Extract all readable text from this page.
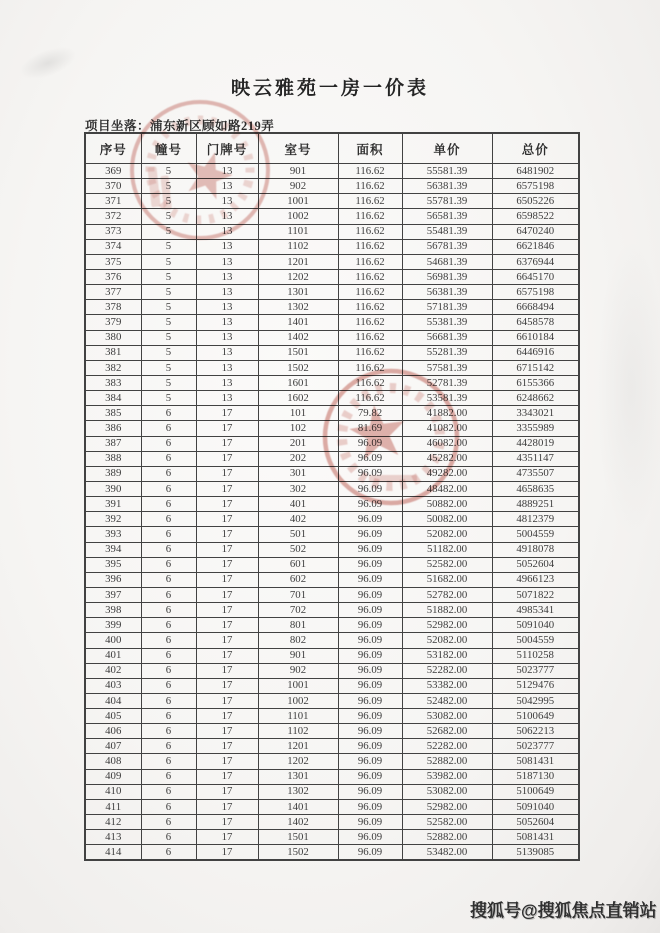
映云雅苑一房一价表
项目坐落：浦东新区顾如路219弄
序号	幢号	门牌号	室号	面积	单价	总价
369	5	13	901	116.62	55581.39	6481902
370	5	13	902	116.62	56381.39	6575198
371	5	13	1001	116.62	55781.39	6505226
372	5	13	1002	116.62	56581.39	6598522
373	5	13	1101	116.62	55481.39	6470240
374	5	13	1102	116.62	56781.39	6621846
375	5	13	1201	116.62	54681.39	6376944
376	5	13	1202	116.62	56981.39	6645170
377	5	13	1301	116.62	56381.39	6575198
378	5	13	1302	116.62	57181.39	6668494
379	5	13	1401	116.62	55381.39	6458578
380	5	13	1402	116.62	56681.39	6610184
381	5	13	1501	116.62	55281.39	6446916
382	5	13	1502	116.62	57581.39	6715142
383	5	13	1601	116.62	52781.39	6155366
384	5	13	1602	116.62	53581.39	6248662
385	6	17	101	79.82	41882.00	3343021
386	6	17	102	81.69	41082.00	3355989
387	6	17	201	96.09	46082.00	4428019
388	6	17	202	96.09	45282.00	4351147
389	6	17	301	96.09	49282.00	4735507
390	6	17	302	96.09	48482.00	4658635
391	6	17	401	96.09	50882.00	4889251
392	6	17	402	96.09	50082.00	4812379
393	6	17	501	96.09	52082.00	5004559
394	6	17	502	96.09	51182.00	4918078
395	6	17	601	96.09	52582.00	5052604
396	6	17	602	96.09	51682.00	4966123
397	6	17	701	96.09	52782.00	5071822
398	6	17	702	96.09	51882.00	4985341
399	6	17	801	96.09	52982.00	5091040
400	6	17	802	96.09	52082.00	5004559
401	6	17	901	96.09	53182.00	5110258
402	6	17	902	96.09	52282.00	5023777
403	6	17	1001	96.09	53382.00	5129476
404	6	17	1002	96.09	52482.00	5042995
405	6	17	1101	96.09	53082.00	5100649
406	6	17	1102	96.09	52682.00	5062213
407	6	17	1201	96.09	52282.00	5023777
408	6	17	1202	96.09	52882.00	5081431
409	6	17	1301	96.09	53982.00	5187130
410	6	17	1302	96.09	53082.00	5100649
411	6	17	1401	96.09	52982.00	5091040
412	6	17	1402	96.09	52582.00	5052604
413	6	17	1501	96.09	52882.00	5081431
414	6	17	1502	96.09	53482.00	5139085
搜狐号@搜狐焦点直销站
